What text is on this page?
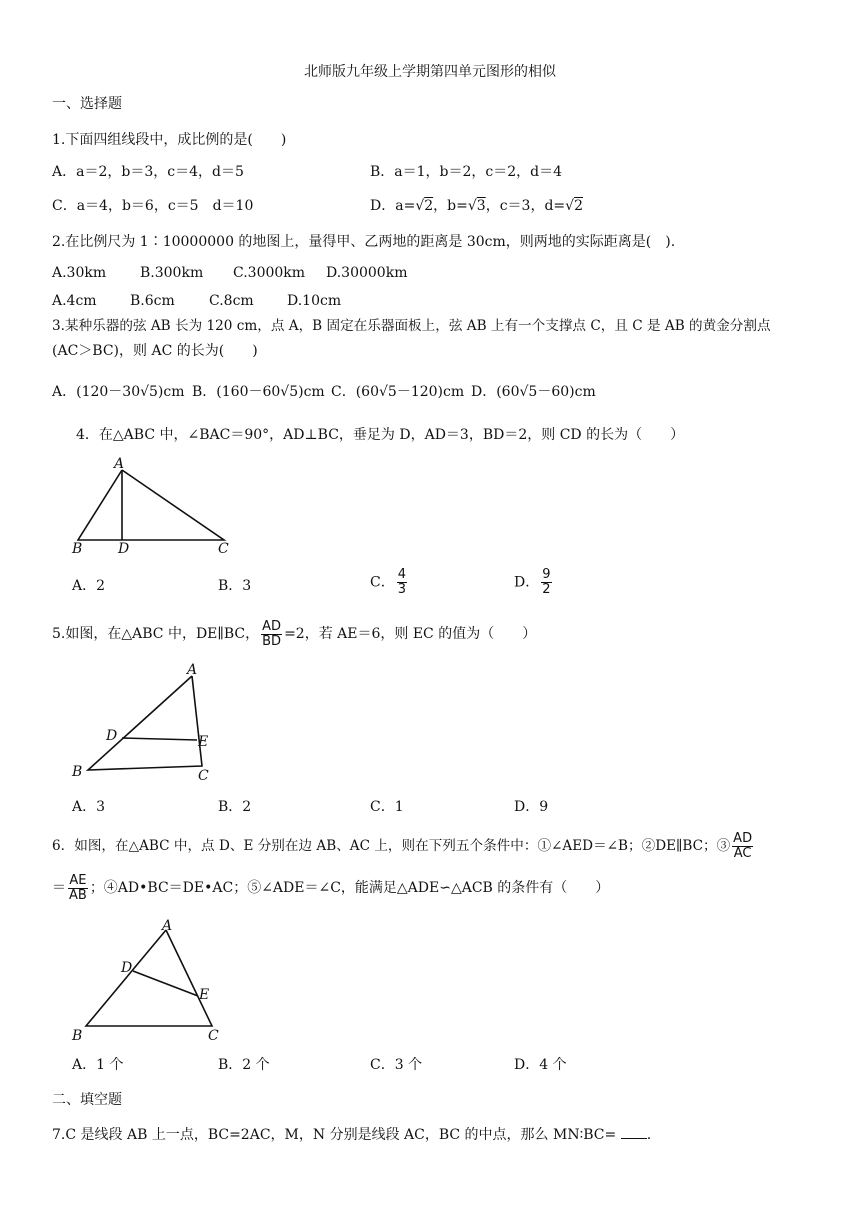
北师版九年级上学期第四单元图形的相似
一、选择题
1.下面四组线段中，成比例的是(　　)
A．a＝2，b＝3，c＝4，d＝5	B．a＝1，b＝2，c＝2，d＝4
C．a＝4，b＝6，c＝5　d＝10	D．a=√2，b=√3，c＝3，d=√2
2.在比例尺为 1∶10000000 的地图上，量得甲、乙两地的距离是 30cm，则两地的实际距离是(　).
A.30km B.300km C.3000km D.30000km
A.4cm B.6cm C.8cm D.10cm
3.某种乐器的弦 AB 长为 120 cm，点 A，B 固定在乐器面板上，弦 AB 上有一个支撑点 C，且 C 是 AB 的黄金分割点
(AC＞BC)，则 AC 的长为(　　)
A．(120－30√5)cm B．(160－60√5)cm C．(60√5－120)cm D．(60√5－60)cm
4．在△ABC 中，∠BAC＝90°，AD⊥BC，垂足为 D，AD＝3，BD＝2，则 CD 的长为（　　）
A
B	D	C
A．2	B．3	C． $\frac{4}{3}$	D． $\frac{9}{2}$
5.如图，在△ABC 中，DE∥BC， $\frac{AD}{BD} =2$，若 AE＝6，则 EC 的值为（　　）
A
D	E
B	C
A．3	B．2	C．1	D．9
6．如图，在△ABC 中，点 D、E 分别在边 AB、AC 上，则在下列五个条件中：①∠AED＝∠B；②DE∥BC；③ $\frac{AD}{AC}$
＝ $\frac{AE}{AB}$ ；④AD•BC＝DE•AC；⑤∠ADE＝∠C，能满足△ADE∽△ACB 的条件有（　　）
A
D
E
B	C
A．1 个	B．2 个	C．3 个	D．4 个
二、填空题
7.C 是线段 AB 上一点，BC=2AC，M，N 分别是线段 AC，BC 的中点，那么 MN∶BC= .
